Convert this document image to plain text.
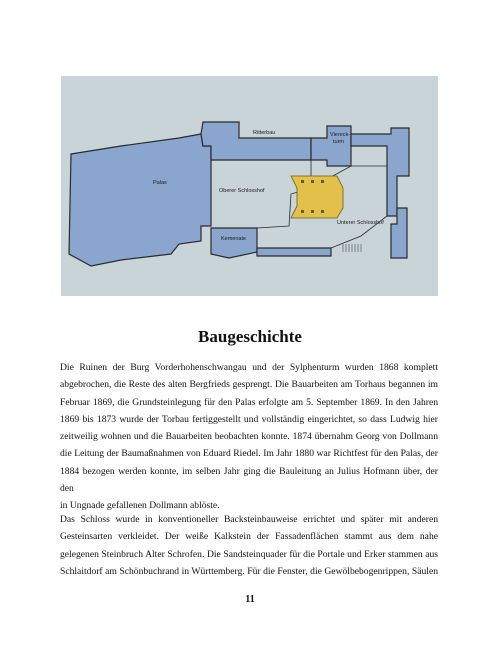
Palas
Ritterbau	Viereck-
turm
Oberer Schlosshof
Kemenate
Unterer Schlosshof
Baugeschichte

Die Ruinen der Burg Vorderhohenschwangau und der Sylphenturm wurden 1868 komplett
abgebrochen, die Reste des alten Bergfrieds gesprengt. Die Bauarbeiten am Torhaus begannen im
Februar 1869, die Grundsteinlegung für den Palas erfolgte am 5. September 1869. In den Jahren
1869 bis 1873 wurde der Torbau fertiggestellt und vollständig eingerichtet, so dass Ludwig hier
zeitweilig wohnen und die Bauarbeiten beobachten konnte. 1874 übernahm Georg von Dollmann
die Leitung der Baumaßnahmen von Eduard Riedel. Im Jahr 1880 war Richtfest für den Palas, der
1884 bezogen werden konnte, im selben Jahr ging die Bauleitung an Julius Hofmann über, der den
in Ungnade gefallenen Dollmann ablöste.

Das Schloss wurde in konventioneller Backsteinbauweise errichtet und später mit anderen
Gesteinsarten verkleidet. Der weiße Kalkstein der Fassadenflächen stammt aus dem nahe
gelegenen Steinbruch Alter Schrofen. Die Sandsteinquader für die Portale und Erker stammen aus
Schlaitdorf am Schönbuchrand in Württemberg. Für die Fenster, die Gewölbebogenrippen, Säulen

11
